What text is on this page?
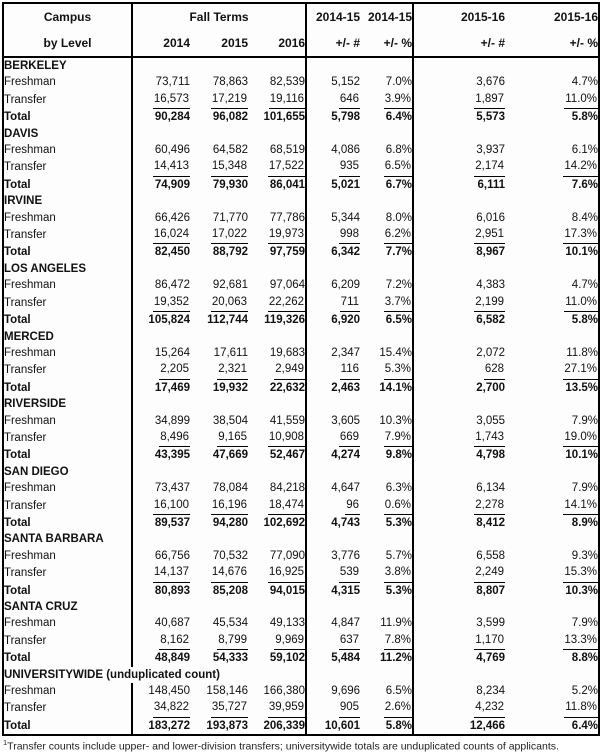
Campus	Fall Terms			2014-15	2014-15	2015-16	2015-16
by Level	2014	2015	2016	+/- #	+/- %	+/- #	+/- %
BERKELEY							
Freshman	73,711	78,863	82,539	5,152	7.0%	3,676	4.7%
Transfer	16,573	17,219	19,116	646	3.9%	1,897	11.0%
Total	90,284	96,082	101,655	5,798	6.4%	5,573	5.8%
DAVIS							
Freshman	60,496	64,582	68,519	4,086	6.8%	3,937	6.1%
Transfer	14,413	15,348	17,522	935	6.5%	2,174	14.2%
Total	74,909	79,930	86,041	5,021	6.7%	6,111	7.6%
IRVINE							
Freshman	66,426	71,770	77,786	5,344	8.0%	6,016	8.4%
Transfer	16,024	17,022	19,973	998	6.2%	2,951	17.3%
Total	82,450	88,792	97,759	6,342	7.7%	8,967	10.1%
LOS ANGELES							
Freshman	86,472	92,681	97,064	6,209	7.2%	4,383	4.7%
Transfer	19,352	20,063	22,262	711	3.7%	2,199	11.0%
Total	105,824	112,744	119,326	6,920	6.5%	6,582	5.8%
MERCED							
Freshman	15,264	17,611	19,683	2,347	15.4%	2,072	11.8%
Transfer	2,205	2,321	2,949	116	5.3%	628	27.1%
Total	17,469	19,932	22,632	2,463	14.1%	2,700	13.5%
RIVERSIDE							
Freshman	34,899	38,504	41,559	3,605	10.3%	3,055	7.9%
Transfer	8,496	9,165	10,908	669	7.9%	1,743	19.0%
Total	43,395	47,669	52,467	4,274	9.8%	4,798	10.1%
SAN DIEGO							
Freshman	73,437	78,084	84,218	4,647	6.3%	6,134	7.9%
Transfer	16,100	16,196	18,474	96	0.6%	2,278	14.1%
Total	89,537	94,280	102,692	4,743	5.3%	8,412	8.9%
SANTA BARBARA							
Freshman	66,756	70,532	77,090	3,776	5.7%	6,558	9.3%
Transfer	14,137	14,676	16,925	539	3.8%	2,249	15.3%
Total	80,893	85,208	94,015	4,315	5.3%	8,807	10.3%
SANTA CRUZ							
Freshman	40,687	45,534	49,133	4,847	11.9%	3,599	7.9%
Transfer	8,162	8,799	9,969	637	7.8%	1,170	13.3%
Total	48,849	54,333	59,102	5,484	11.2%	4,769	8.8%
UNIVERSITYWIDE (unduplicated count)							
Freshman	148,450	158,146	166,380	9,696	6.5%	8,234	5.2%
Transfer	34,822	35,727	39,959	905	2.6%	4,232	11.8%
Total	183,272	193,873	206,339	10,601	5.8%	12,466	6.4%
$^1$Transfer counts include upper- and lower-division transfers; universitywide totals are unduplicated counts of applicants.
